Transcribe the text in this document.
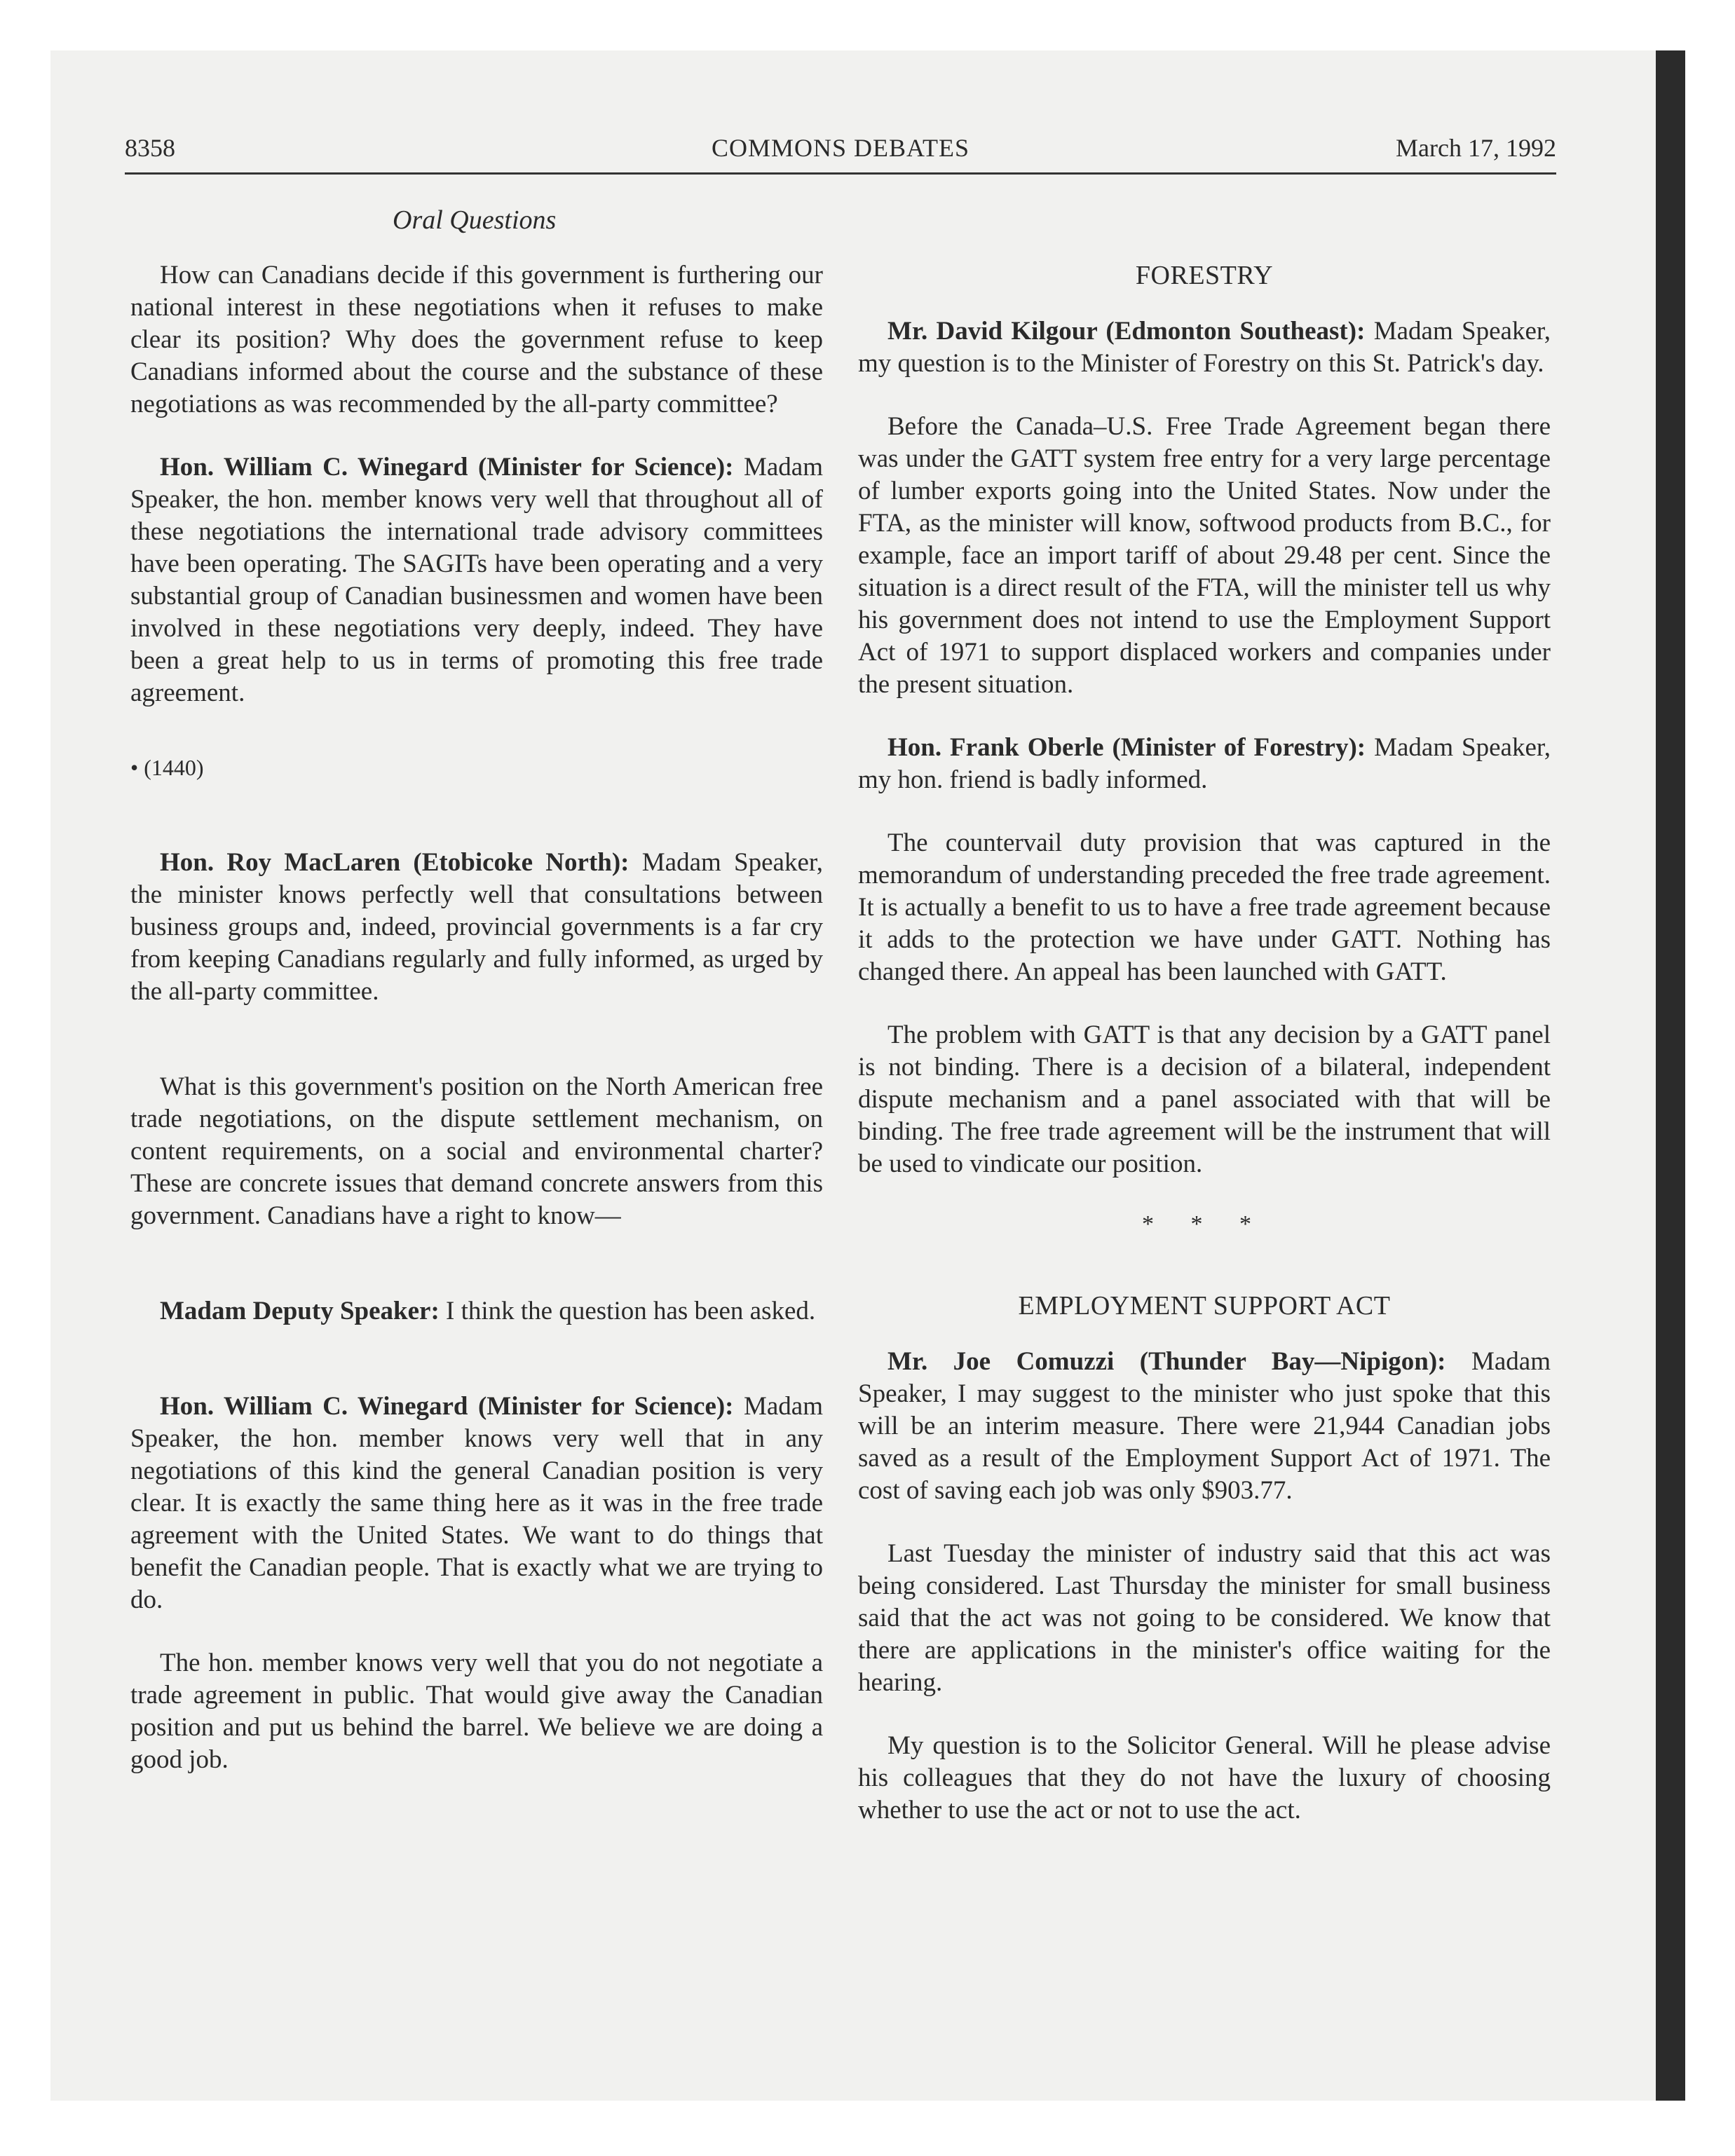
8358	COMMONS DEBATES	March 17, 1992
Oral Questions

How can Canadians decide if this government is furthering our national interest in these negotiations when it refuses to make clear its position? Why does the government refuse to keep Canadians informed about the course and the substance of these negotiations as was recommended by the all-party committee?

Hon. William C. Winegard (Minister for Science): Madam Speaker, the hon. member knows very well that throughout all of these negotiations the international trade advisory committees have been operating. The SAGITs have been operating and a very substantial group of Canadian businessmen and women have been involved in these negotiations very deeply, indeed. They have been a great help to us in terms of promoting this free trade agreement.

• (1440)

Hon. Roy MacLaren (Etobicoke North): Madam Speaker, the minister knows perfectly well that consultations between business groups and, indeed, provincial governments is a far cry from keeping Canadians regularly and fully informed, as urged by the all-party committee.

What is this government's position on the North American free trade negotiations, on the dispute settlement mechanism, on content requirements, on a social and environmental charter? These are concrete issues that demand concrete answers from this government. Canadians have a right to know—

Madam Deputy Speaker: I think the question has been asked.

Hon. William C. Winegard (Minister for Science): Madam Speaker, the hon. member knows very well that in any negotiations of this kind the general Canadian position is very clear. It is exactly the same thing here as it was in the free trade agreement with the United States. We want to do things that benefit the Canadian people. That is exactly what we are trying to do.

The hon. member knows very well that you do not negotiate a trade agreement in public. That would give away the Canadian position and put us behind the barrel. We believe we are doing a good job.

FORESTRY

Mr. David Kilgour (Edmonton Southeast): Madam Speaker, my question is to the Minister of Forestry on this St. Patrick's day.

Before the Canada–U.S. Free Trade Agreement began there was under the GATT system free entry for a very large percentage of lumber exports going into the United States. Now under the FTA, as the minister will know, softwood products from B.C., for example, face an import tariff of about 29.48 per cent. Since the situation is a direct result of the FTA, will the minister tell us why his government does not intend to use the Employment Support Act of 1971 to support displaced workers and companies under the present situation.

Hon. Frank Oberle (Minister of Forestry): Madam Speaker, my hon. friend is badly informed.

The countervail duty provision that was captured in the memorandum of understanding preceded the free trade agreement. It is actually a benefit to us to have a free trade agreement because it adds to the protection we have under GATT. Nothing has changed there. An appeal has been launched with GATT.

The problem with GATT is that any decision by a GATT panel is not binding. There is a decision of a bilateral, independent dispute mechanism and a panel associated with that will be binding. The free trade agreement will be the instrument that will be used to vindicate our position.

* * *
EMPLOYMENT SUPPORT ACT

Mr. Joe Comuzzi (Thunder Bay—Nipigon): Madam Speaker, I may suggest to the minister who just spoke that this will be an interim measure. There were 21,944 Canadian jobs saved as a result of the Employment Support Act of 1971. The cost of saving each job was only $903.77.

Last Tuesday the minister of industry said that this act was being considered. Last Thursday the minister for small business said that the act was not going to be considered. We know that there are applications in the minister's office waiting for the hearing.

My question is to the Solicitor General. Will he please advise his colleagues that they do not have the luxury of choosing whether to use the act or not to use the act.
